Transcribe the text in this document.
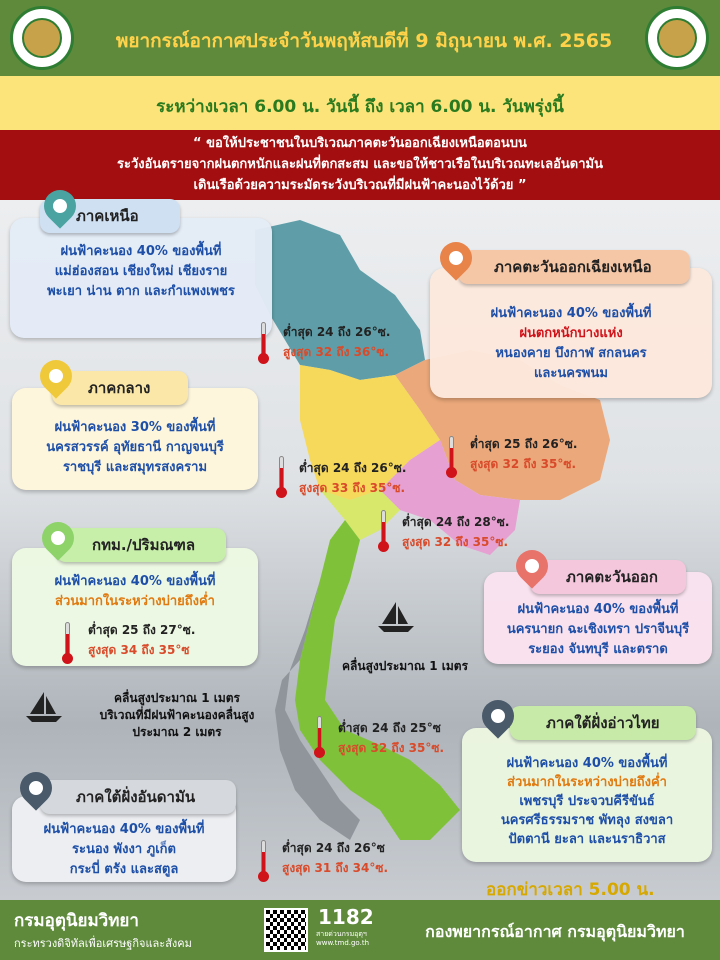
พยากรณ์อากาศประจำวันพฤหัสบดีที่ 9 มิถุนายน พ.ศ. 2565
ระหว่างเวลา 6.00 น. วันนี้ ถึง เวลา 6.00 น. วันพรุ่งนี้
“ ขอให้ประชาชนในบริเวณภาคตะวันออกเฉียงเหนือตอนบน
ระวังอันตรายจากฝนตกหนักและฝนที่ตกสะสม และขอให้ชาวเรือในบริเวณทะเลอันดามัน
เดินเรือด้วยความระมัดระวังบริเวณที่มีฝนฟ้าคะนองไว้ด้วย ”
ภาคเหนือ
ฝนฟ้าคะนอง 40% ของพื้นที่
แม่ฮ่องสอน เชียงใหม่ เชียงราย
พะเยา น่าน ตาก และกำแพงเพชร
ต่ำสุด 24 ถึง 26°ซ.
สูงสุด 32 ถึง 36°ซ.
ภาคตะวันออกเฉียงเหนือ
ฝนฟ้าคะนอง 40% ของพื้นที่
ฝนตกหนักบางแห่ง
หนองคาย บึงกาฬ สกลนคร
และนครพนม
ต่ำสุด 25 ถึง 26°ซ.
สูงสุด 32 ถึง 35°ซ.
ภาคกลาง
ฝนฟ้าคะนอง 30% ของพื้นที่
นครสวรรค์ อุทัยธานี กาญจนบุรี
ราชบุรี และสมุทรสงคราม	ต่ำสุด 24 ถึง 26°ซ.
สูงสุด 33 ถึง 35°ซ.
ต่ำสุด 24 ถึง 28°ซ.
สูงสุด 32 ถึง 35°ซ.
ภาคตะวันออก
ฝนฟ้าคะนอง 40% ของพื้นที่
นครนายก ฉะเชิงเทรา ปราจีนบุรี
ระยอง จันทบุรี และตราด
กทม./ปริมณฑล
ฝนฟ้าคะนอง 40% ของพื้นที่
ส่วนมากในระหว่างบ่ายถึงค่ำ
ต่ำสุด 25 ถึง 27°ซ.
สูงสุด 34 ถึง 35°ซ
คลื่นสูงประมาณ 1 เมตร
คลื่นสูงประมาณ 1 เมตร
บริเวณที่มีฝนฟ้าคะนองคลื่นสูง
ประมาณ 2 เมตร	ต่ำสุด 24 ถึง 25°ซ
สูงสุด 32 ถึง 35°ซ.
ภาคใต้ฝั่งอ่าวไทย
ฝนฟ้าคะนอง 40% ของพื้นที่
ส่วนมากในระหว่างบ่ายถึงค่ำ
เพชรบุรี ประจวบคีรีขันธ์
นครศรีธรรมราช พัทลุง สงขลา
ปัตตานี ยะลา และนราธิวาส
ภาคใต้ฝั่งอันดามัน
ฝนฟ้าคะนอง 40% ของพื้นที่
ระนอง พังงา ภูเก็ต
กระบี่ ตรัง และสตูล
ต่ำสุด 24 ถึง 26°ซ
สูงสุด 31 ถึง 34°ซ.
ออกข่าวเวลา 5.00 น.
กรมอุตุนิยมวิทยา
กระทรวงดิจิทัลเพื่อเศรษฐกิจและสังคม
1182
สายด่วนกรมอุตุฯ
www.tmd.go.th
กองพยากรณ์อากาศ กรมอุตุนิยมวิทยา
